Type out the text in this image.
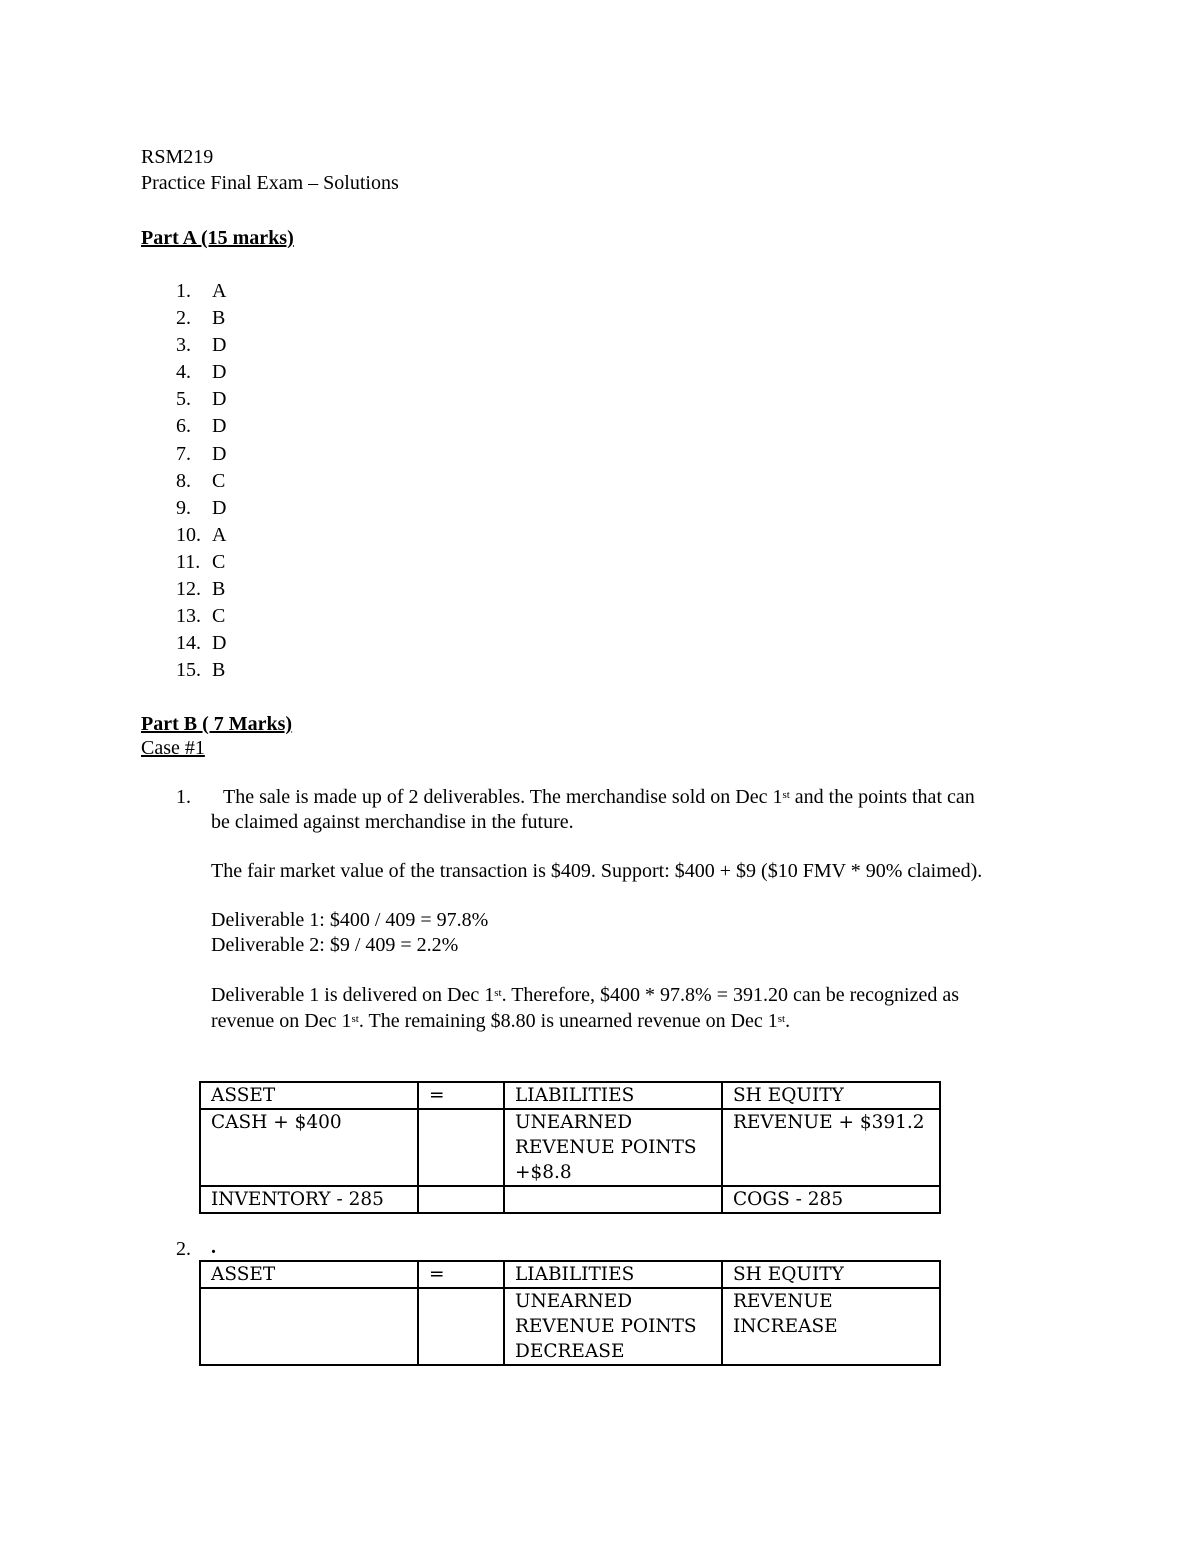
RSM219
Practice Final Exam – Solutions
Part A (15 marks)
1. A
2. B
3. D
4. D
5. D
6. D
7. D
8. C
9. D
10. A
11. C
12. B
13. C
14. D
15. B
Part B ( 7 Marks)
Case #1
1. The sale is made up of 2 deliverables. The merchandise sold on Dec 1st and the points that can
be claimed against merchandise in the future.
The fair market value of the transaction is $409. Support: $400 + $9 ($10 FMV * 90% claimed).
Deliverable 1: $400 / 409 = 97.8%
Deliverable 2: $9 / 409 = 2.2%
Deliverable 1 is delivered on Dec 1st. Therefore, $400 * 97.8% = 391.20 can be recognized as
revenue on Dec 1st. The remaining $8.80 is unearned revenue on Dec 1st.
ASSET	=	LIABILITIES	SH EQUITY
CASH + $400		UNEARNED REVENUE POINTS +$8.8	REVENUE + $391.2
INVENTORY - 285			COGS - 285
2. .
ASSET	=	LIABILITIES	SH EQUITY
		UNEARNED REVENUE POINTS DECREASE	REVENUE INCREASE
